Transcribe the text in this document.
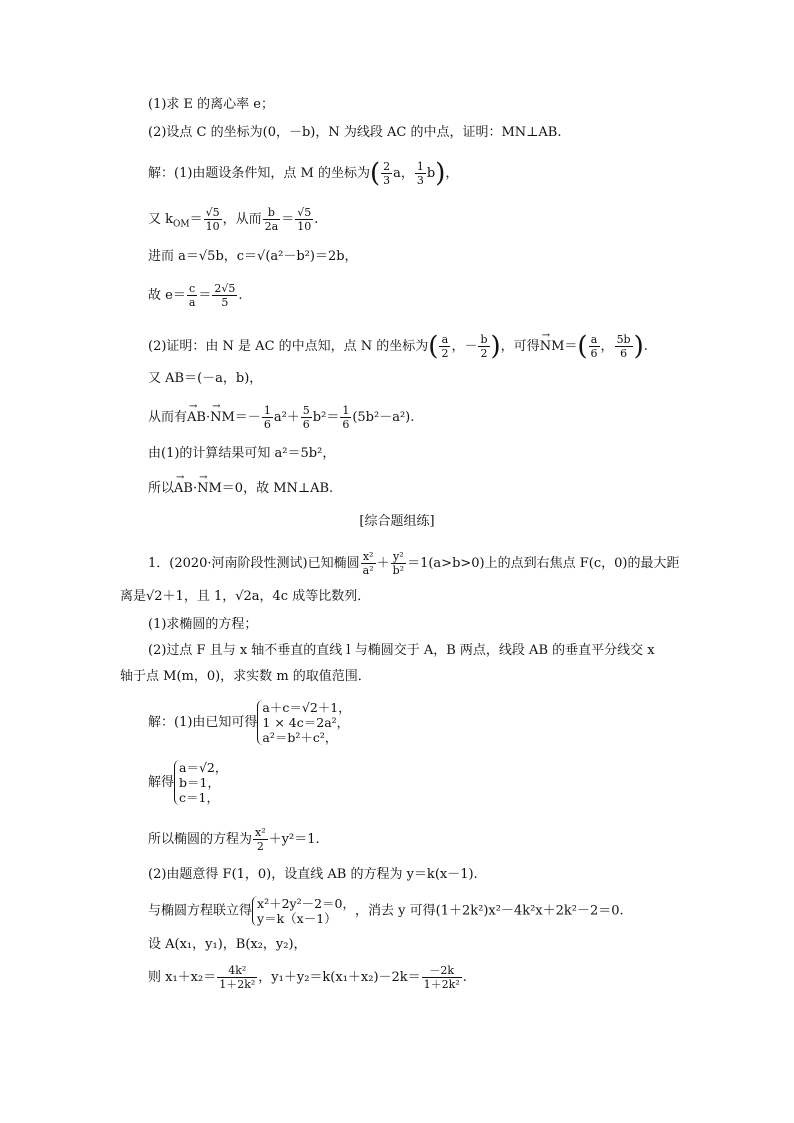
(1)求 E 的离心率 e；
(2)设点 C 的坐标为(0，－b)，N 为线段 AC 的中点，证明：MN⊥AB.
解：(1)由题设条件知，点 M 的坐标为( $\frac{2}{3}$ a， $\frac{1}{3} b$)，
又 $k_{OM}= \frac{√5}{10}$ ，从而 $\frac{b}{2a} = \frac{√5}{10}$ .
进而 a＝√5b，c＝√(a²－b²)＝2b，
故 $e= \frac{c}{a} = \frac{2√5}{5}$ .
(2)证明：由 N 是 AC 的中点知，点 N 的坐标为( $\frac{a}{2}$ ，－ $\frac{b}{2}$ )，可得→ $NM=( \frac{a}{6}$ ， $\frac{5b}{6}$ ).
又 AB＝(－a，b)，
从而有→ $AB\cdot\to NM=- \frac{1}{6} a^2+ \frac{5}{6} b^2= \frac{1}{6} (5b^2-a^2)$.
由(1)的计算结果可知 a²＝5b²，
所以→ AB·→ NM＝0，故 MN⊥AB.
[综合题组练]
1．(2020·河南阶段性测试)已知椭圆 $\frac{\text{x²}}{\text{a²}} + \frac{\text{y²}}{\text{b²}} =1(a>b>0)$上的点到右焦点 F(c，0)的最大距
离是√2＋1，且 1，√2a，4c 成等比数列．
(1)求椭圆的方程；
(2)过点 F 且与 x 轴不垂直的直线 l 与椭圆交于 A，B 两点，线段 AB 的垂直平分线交 x
轴于点 M(m，0)，求实数 m 的取值范围．
解：(1)由已知可得
a＋c＝√2＋1，
1 × 4c＝2a²，
a²＝b²＋c²，
解得
a＝√2，
b＝1，
c＝1，
所以椭圆的方程为 $\frac{\text{x²}}{2} +y^2=1$.
(2)由题意得 F(1，0)，设直线 AB 的方程为 y＝k(x－1).
与椭圆方程联立得 x²＋2y²－2＝0，
y＝k（x－1）	，消去 y 可得(1＋2k²)x²－4k²x＋2k²－2＝0.
设 A(x₁，y₁)，B(x₂，y₂)，
则 $x_1+x_2= \frac{\text{4k²}}{\text{1＋2k²}}$ ，$y_1+y_2=k(x_1+x_2)-2k= \frac{-2k}{\text{1＋2k²}}$ .
